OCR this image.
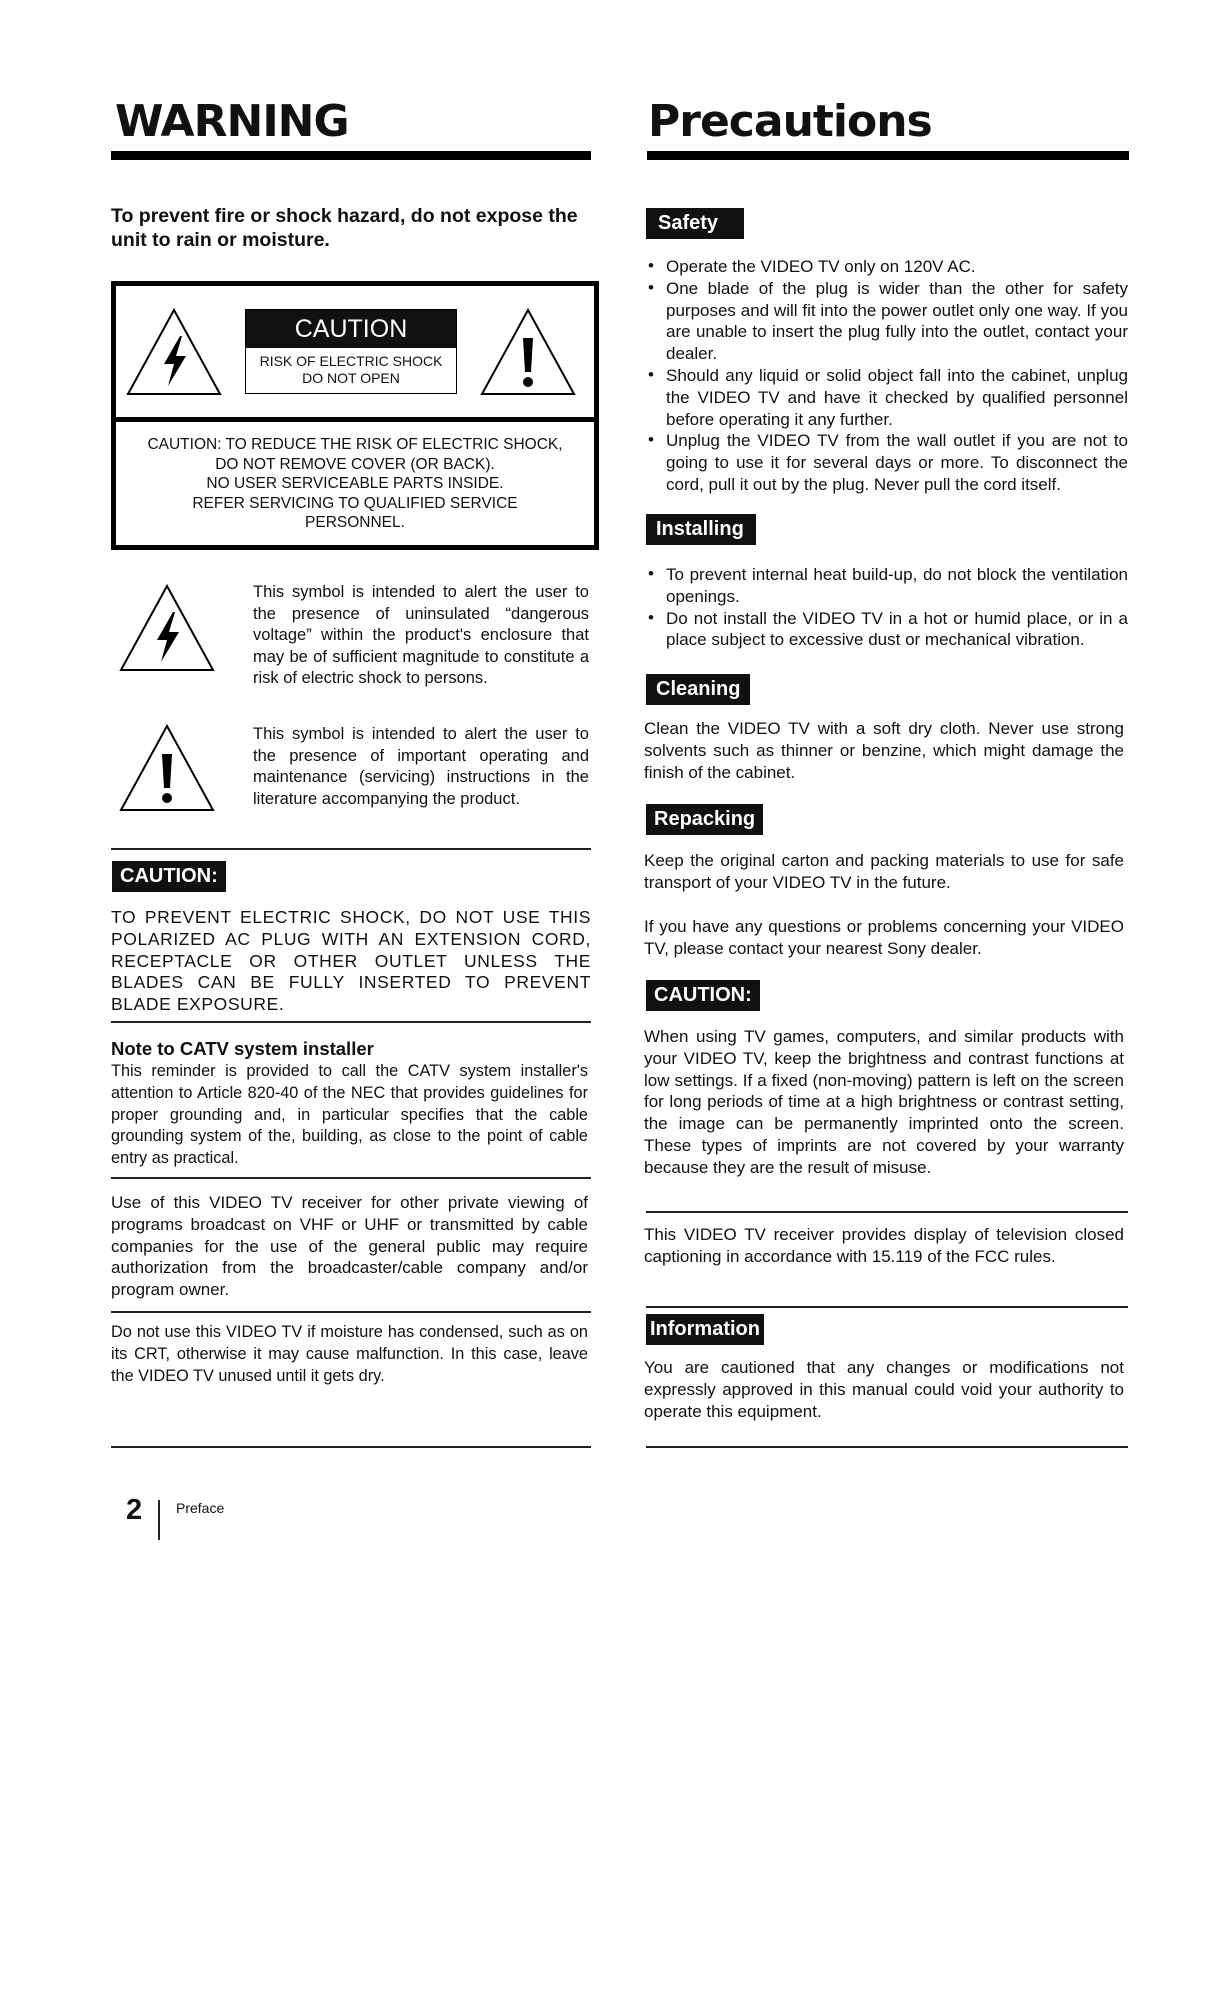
WARNING

To prevent fire or shock hazard, do not expose the unit to rain or moisture.

CAUTION
RISK OF ELECTRIC SHOCK
DO NOT OPEN
CAUTION: TO REDUCE THE RISK OF ELECTRIC SHOCK,
DO NOT REMOVE COVER (OR BACK).
NO USER SERVICEABLE PARTS INSIDE.
REFER SERVICING TO QUALIFIED SERVICE
PERSONNEL.

This symbol is intended to alert the user to the presence of uninsulated “dangerous voltage” within the product's enclosure that may be of sufficient magnitude to constitute a risk of electric shock to persons.

This symbol is intended to alert the user to the presence of important operating and maintenance (servicing) instructions in the literature accompanying the product.

CAUTION:

TO PREVENT ELECTRIC SHOCK, DO NOT USE THIS POLARIZED AC PLUG WITH AN EXTENSION CORD, RECEPTACLE OR OTHER OUTLET UNLESS THE BLADES CAN BE FULLY INSERTED TO PREVENT BLADE EXPOSURE.

Note to CATV system installer

This reminder is provided to call the CATV system installer's attention to Article 820-40 of the NEC that provides guidelines for proper grounding and, in particular specifies that the cable grounding system of the, building, as close to the point of cable entry as practical.

Use of this VIDEO TV receiver for other private viewing of programs broadcast on VHF or UHF or transmitted by cable companies for the use of the general public may require authorization from the broadcaster/cable company and/or program owner.

Do not use this VIDEO TV if moisture has condensed, such as on its CRT, otherwise it may cause malfunction. In this case, leave the VIDEO TV unused until it gets dry.

Precautions
Safety
• Operate the VIDEO TV only on 120V AC.
• One blade of the plug is wider than the other for safety purposes and will fit into the power outlet only one way. If you are unable to insert the plug fully into the outlet, contact your dealer.
• Should any liquid or solid object fall into the cabinet, unplug the VIDEO TV and have it checked by qualified personnel before operating it any further.
• Unplug the VIDEO TV from the wall outlet if you are not to going to use it for several days or more. To disconnect the cord, pull it out by the plug. Never pull the cord itself.
Installing
• To prevent internal heat build-up, do not block the ventilation openings.
• Do not install the VIDEO TV in a hot or humid place, or in a place subject to excessive dust or mechanical vibration.
Cleaning

Clean the VIDEO TV with a soft dry cloth. Never use strong solvents such as thinner or benzine, which might damage the finish of the cabinet.

Repacking

Keep the original carton and packing materials to use for safe transport of your VIDEO TV in the future.

If you have any questions or problems concerning your VIDEO TV, please contact your nearest Sony dealer.

CAUTION:

When using TV games, computers, and similar products with your VIDEO TV, keep the brightness and contrast functions at low settings. If a fixed (non-moving) pattern is left on the screen for long periods of time at a high brightness or contrast setting, the image can be permanently imprinted onto the screen. These types of imprints are not covered by your warranty because they are the result of misuse.

This VIDEO TV receiver provides display of television closed captioning in accordance with 15.119 of the FCC rules.

Information

You are cautioned that any changes or modifications not expressly approved in this manual could void your authority to operate this equipment.

2 Preface
